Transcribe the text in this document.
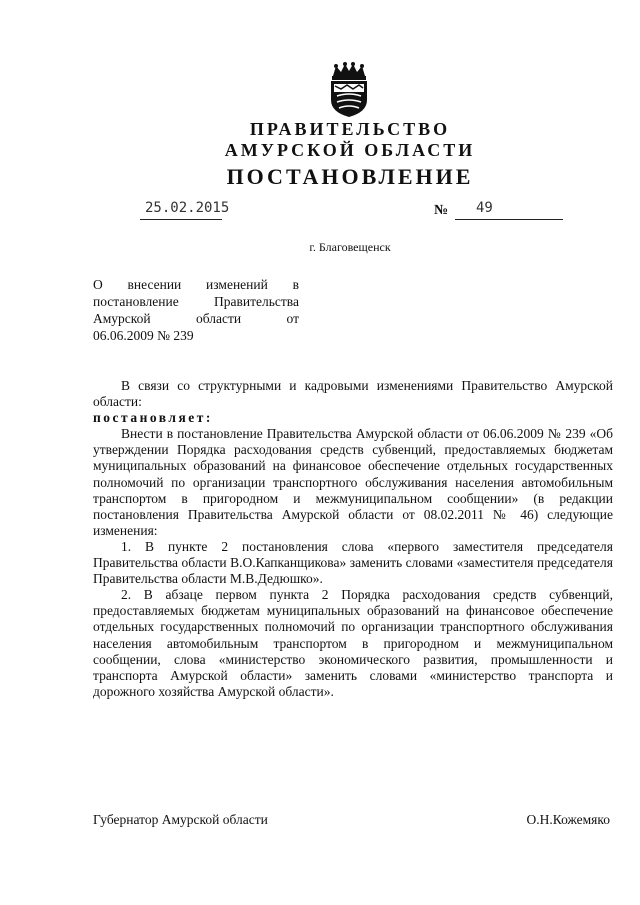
ПРАВИТЕЛЬСТВО
АМУРСКОЙ ОБЛАСТИ
ПОСТАНОВЛЕНИЕ
25.02.2015	№ 49
г. Благовещенск
О внесении изменений в
постановление Правительства
Амурской области от
06.06.2009 № 239

В связи со структурными и кадровыми изменениями Правительство Амурской области:

постановляет:

Внести в постановление Правительства Амурской области от 06.06.2009 № 239 «Об утверждении Порядка расходования средств субвенций, предоставляемых бюджетам муниципальных образований на финансовое обеспечение отдельных государственных полномочий по организации транспортного обслуживания населения автомобильным транспортом в пригородном и межмуниципальном сообщении» (в редакции постановления Правительства Амурской области от 08.02.2011 № 46) следующие изменения:

1. В пункте 2 постановления слова «первого заместителя председателя Правительства области В.О.Капканщикова» заменить словами «заместителя председателя Правительства области М.В.Дедюшко».

2. В абзаце первом пункта 2 Порядка расходования средств субвенций, предоставляемых бюджетам муниципальных образований на финансовое обеспечение отдельных государственных полномочий по организации транспортного обслуживания населения автомобильным транспортом в пригородном и межмуниципальном сообщении, слова «министерство экономического развития, промышленности и транспорта Амурской области» заменить словами «министерство транспорта и дорожного хозяйства Амурской области».

Губернатор Амурской области	О.Н.Кожемяко
